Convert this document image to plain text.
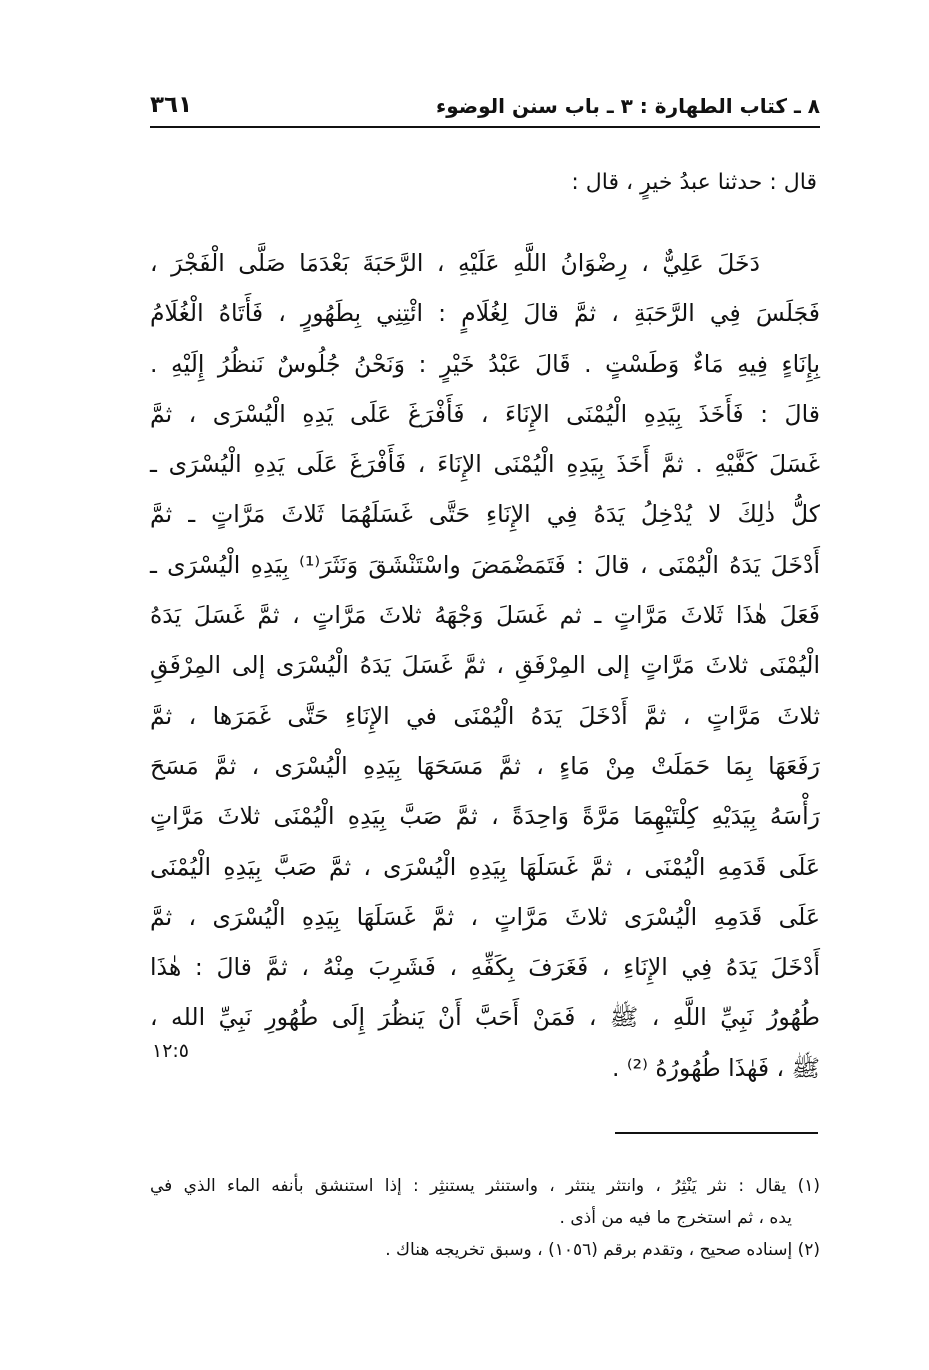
٨ ـ كتاب الطهارة : ٣ ـ باب سنن الوضوء
٣٦١
قال : حدثنا عبدُ خيرٍ ، قال :
دَخَلَ عَلِيٌّ ، رِضْوَانُ اللَّهِ عَلَيْهِ ، الرَّحَبَةَ بَعْدَمَا صَلَّى الْفَجْرَ ،
فَجَلَسَ فِي الرَّحَبَةِ ، ثمَّ قالَ لِغُلَامٍ : ائْتِنِي بِطَهُورٍ ، فَأَتَاهُ الْغُلَامُ
بِإِنَاءٍ فِيهِ مَاءٌ وَطَسْتٍ . قَالَ عَبْدُ خَيْرٍ : وَنَحْنُ جُلُوسٌ نَنظُرُ إِلَيْهِ .
قالَ : فَأَخَذَ بِيَدِهِ الْيُمْنَى الإِنَاءَ ، فَأَفْرَغَ عَلَى يَدِهِ الْيُسْرَى ، ثمَّ
غَسَلَ كَفَّيْهِ . ثمَّ أَخَذَ بِيَدِهِ الْيُمْنَى الإِنَاءَ ، فَأَفْرَغَ عَلَى يَدِهِ الْيُسْرَى ـ
كلُّ ذٰلِكَ لا يُدْخِلُ يَدَهُ فِي الإِنَاءِ حَتَّى غَسَلَهُمَا ثَلاثَ مَرَّاتٍ ـ ثمَّ
أَدْخَلَ يَدَهُ الْيُمْنَى ، قالَ : فَتَمَضْمَضَ واسْتَنْشَقَ وَنَثَرَ⁽¹⁾ بِيَدِهِ الْيُسْرَى ـ
فَعَلَ هٰذَا ثَلاثَ مَرَّاتٍ ـ ثم غَسَلَ وَجْهَهُ ثلاثَ مَرَّاتٍ ، ثمَّ غَسَلَ يَدَهُ
الْيُمْنَى ثلاثَ مَرَّاتٍ إلى المِرْفَقِ ، ثمَّ غَسَلَ يَدَهُ الْيُسْرَى إلى المِرْفَقِ
ثلاثَ مَرَّاتٍ ، ثمَّ أَدْخَلَ يَدَهُ الْيُمْنَى في الإِنَاءِ حَتَّى غَمَرَها ، ثمَّ
رَفَعَهَا بِمَا حَمَلَتْ مِنْ مَاءٍ ، ثمَّ مَسَحَهَا بِيَدِهِ الْيُسْرَى ، ثمَّ مَسَحَ
رَأْسَهُ بِيَدَيْهِ كِلْتَيْهِمَا مَرَّةً وَاحِدَةً ، ثمَّ صَبَّ بِيَدِهِ الْيُمْنَى ثلاثَ مَرَّاتٍ
عَلَى قَدَمِهِ الْيُمْنَى ، ثمَّ غَسَلَهَا بِيَدِهِ الْيُسْرَى ، ثمَّ صَبَّ بِيَدِهِ الْيُمْنَى
عَلَى قَدَمِهِ الْيُسْرَى ثلاثَ مَرَّاتٍ ، ثمَّ غَسَلَهَا بِيَدِهِ الْيُسْرَى ، ثمَّ
أَدْخَلَ يَدَهُ فِي الإِنَاءِ ، فَغَرَفَ بِكَفِّهِ ، فَشَرِبَ مِنْهُ ، ثمَّ قالَ : هٰذَا
طُهُورُ نَبِيِّ اللَّهِ ، ﷺ ، فَمَنْ أَحَبَّ أَنْ يَنظُرَ إِلَى طُهُورِ نَبِيِّ الله ،
ﷺ ، فَهٰذَا طُهُورُهُ ⁽²⁾ .
١٢:٥
(١) يقال : نثر يَنْثِرُ ، وانتثر ينتثر ، واستنثر يستنثِر : إذا استنشق بأنفه الماء الذي في
يده ، ثم استخرج ما فيه من أذى .
(٢) إسناده صحيح ، وتقدم برقم (١٠٥٦) ، وسبق تخريجه هناك .
